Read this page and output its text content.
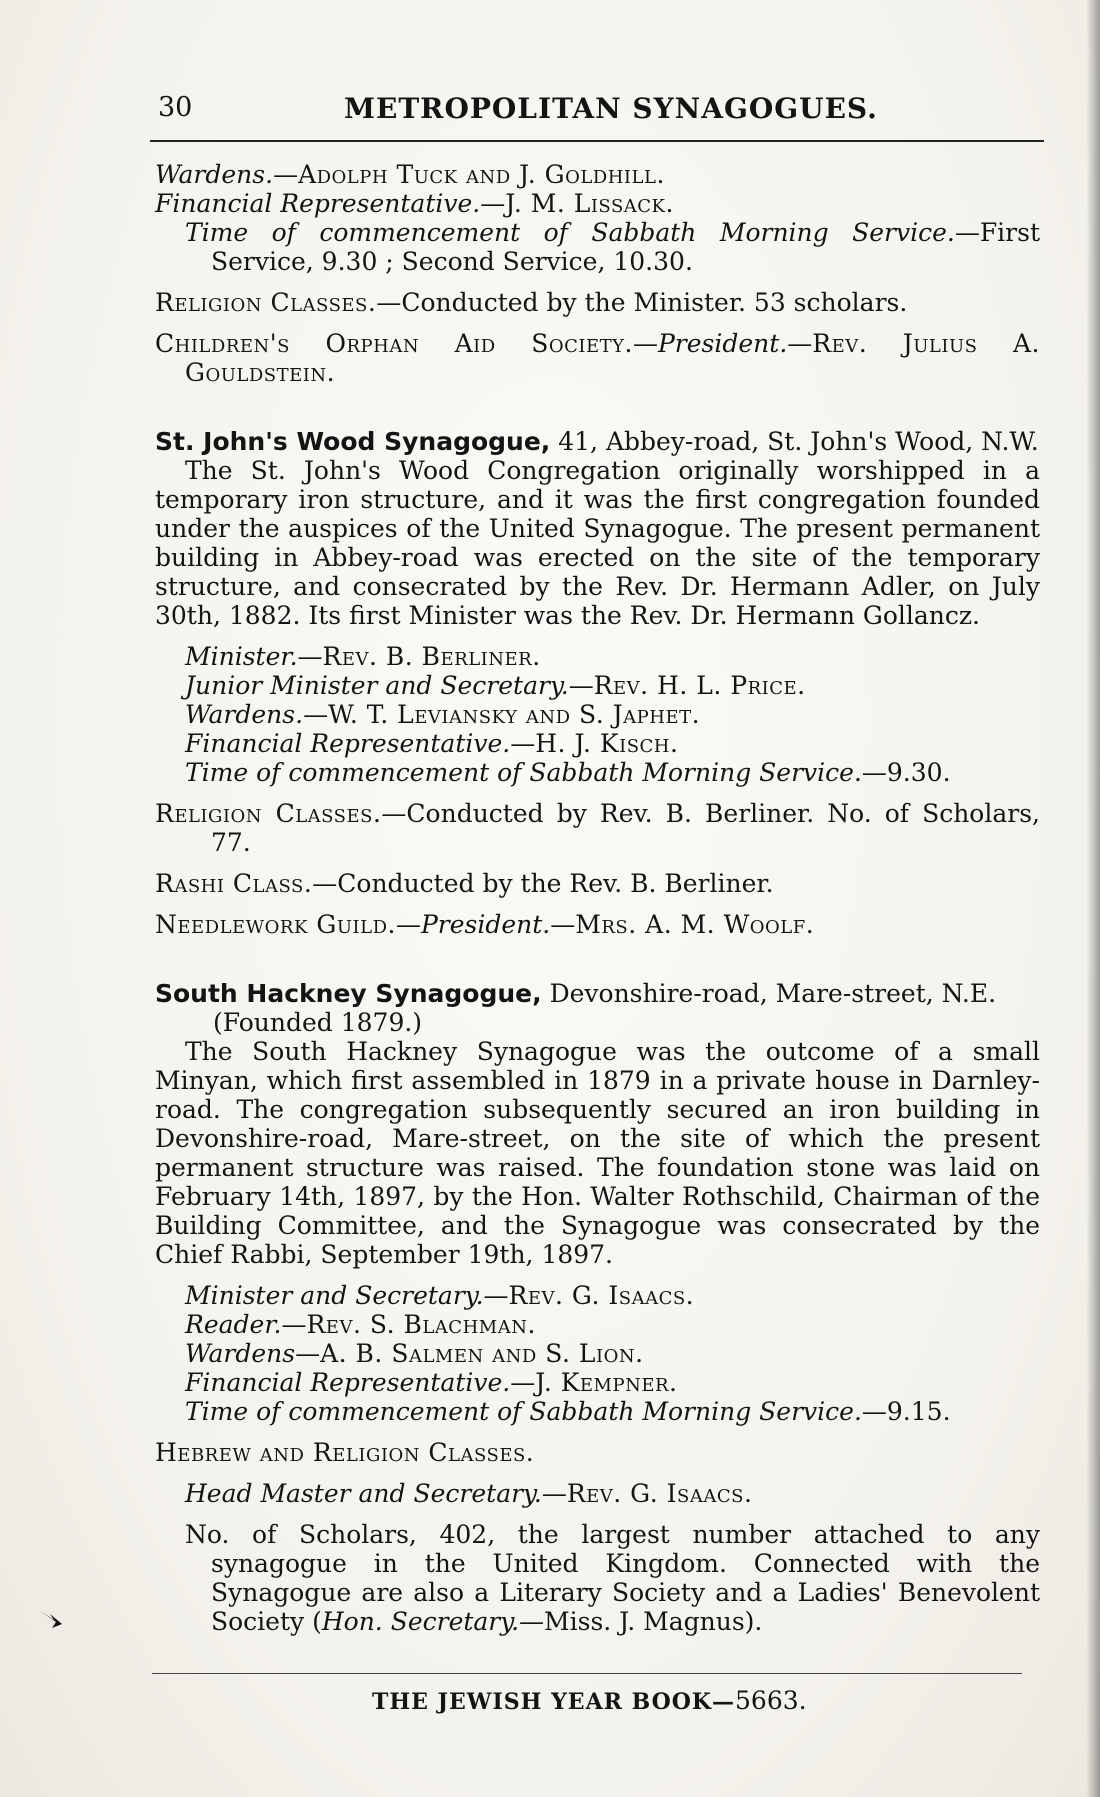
30	METROPOLITAN SYNAGOGUES.

Wardens.—Adolph Tuck and J. Goldhill.

Financial Representative.—J. M. Lissack.

Time of commencement of Sabbath Morning Service.—First Service, 9.30 ; Second Service, 10.30.

Religion Classes.—Conducted by the Minister. 53 scholars.

Children's Orphan Aid Society.—President.—Rev. Julius A. Gouldstein.

St. John's Wood Synagogue, 41, Abbey-road, St. John's Wood, N.W.

The St. John's Wood Congregation originally worshipped in a temporary iron structure, and it was the first congregation founded under the auspices of the United Synagogue. The present permanent building in Abbey-road was erected on the site of the temporary structure, and consecrated by the Rev. Dr. Hermann Adler, on July 30th, 1882. Its first Minister was the Rev. Dr. Hermann Gollancz.

Minister.—Rev. B. Berliner.

Junior Minister and Secretary.—Rev. H. L. Price.

Wardens.—W. T. Leviansky and S. Japhet.

Financial Representative.—H. J. Kisch.

Time of commencement of Sabbath Morning Service.—9.30.

Religion Classes.—Conducted by Rev. B. Berliner. No. of Scholars, 77.

Rashi Class.—Conducted by the Rev. B. Berliner.

Needlework Guild.—President.—Mrs. A. M. Woolf.

South Hackney Synagogue, Devonshire-road, Mare-street, N.E.

(Founded 1879.)

The South Hackney Synagogue was the outcome of a small Minyan, which first assembled in 1879 in a private house in Darnley-road. The congregation subsequently secured an iron building in Devonshire-road, Mare-street, on the site of which the present permanent structure was raised. The foundation stone was laid on February 14th, 1897, by the Hon. Walter Rothschild, Chairman of the Building Committee, and the Synagogue was consecrated by the Chief Rabbi, September 19th, 1897.

Minister and Secretary.—Rev. G. Isaacs.

Reader.—Rev. S. Blachman.

Wardens—A. B. Salmen and S. Lion.

Financial Representative.—J. Kempner.

Time of commencement of Sabbath Morning Service.—9.15.

Hebrew and Religion Classes.

Head Master and Secretary.—Rev. G. Isaacs.

No. of Scholars, 402, the largest number attached to any synagogue in the United Kingdom. Connected with the Synagogue are also a Literary Society and a Ladies' Benevolent Society (Hon. Secretary.—Miss. J. Magnus).

THE JEWISH YEAR BOOK—5663.
